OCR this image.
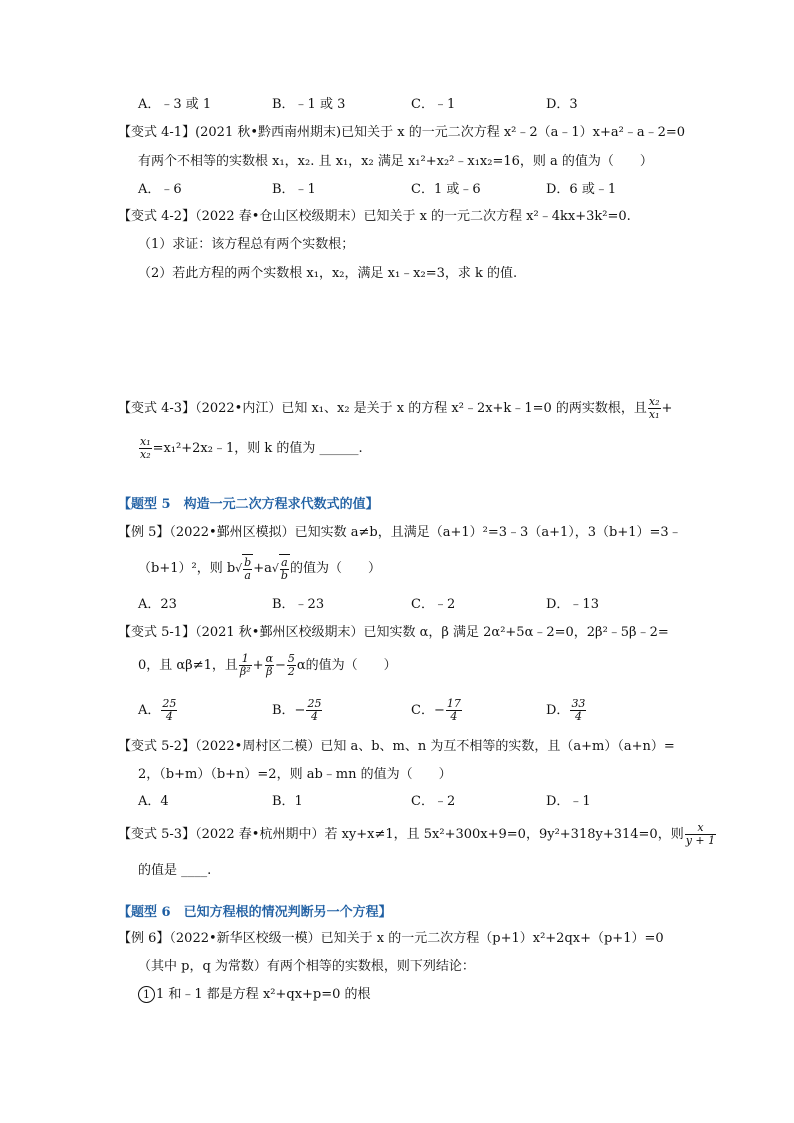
A．﹣3 或 1	B．﹣1 或 3	C．﹣1	D．3
【变式 4-1】(2021 秋•黔西南州期末)已知关于 x 的一元二次方程 x²﹣2（a﹣1）x+a²﹣a﹣2=0
有两个不相等的实数根 x₁，x₂. 且 x₁，x₂ 满足 x₁²+x₂²﹣x₁x₂=16，则 a 的值为（　　）
A．﹣6	B．﹣1	C．1 或﹣6	D．6 或﹣1
【变式 4-2】（2022 春•仓山区校级期末）已知关于 x 的一元二次方程 x²﹣4kx+3k²=0.
（1）求证：该方程总有两个实数根；
（2）若此方程的两个实数根 x₁，x₂，满足 x₁﹣x₂=3，求 k 的值.
【变式 4-3】（2022•内江）已知 x₁、x₂ 是关于 x 的方程 x²﹣2x+k﹣1=0 的两实数根，且 $\frac{\text{x₂}}{\text{x₁}}$ +
$\frac{\text{x₁}}{\text{x₂}}$ =x₁²+2x₂﹣1，则 k 的值为 ______.
【题型 5　构造一元二次方程求代数式的值】
【例 5】（2022•鄞州区模拟）已知实数 a≠b，且满足（a+1）²=3﹣3（a+1），3（b+1）=3﹣
（b+1）²，则 $b√ \frac{b}{a} +a√ \frac{a}{b}$ 的值为（　　）
A．23	B．﹣23	C．﹣2	D．﹣13
【变式 5-1】（2021 秋•鄞州区校级期末）已知实数 α，β 满足 2α²+5α﹣2=0，2β²﹣5β﹣2=
0，且 αβ≠1，且 $\frac{1}{\text{β²}} + \frac{\alpha}{\beta} - \frac{5}{2}$ α的值为（　　）
A． $\frac{25}{4}$	B．− $\frac{25}{4}$	C．− $\frac{17}{4}$	D． $\frac{33}{4}$
【变式 5-2】（2022•周村区二模）已知 a、b、m、n 为互不相等的实数，且（a+m）（a+n）=
2，（b+m）（b+n）=2，则 ab﹣mn 的值为（　　）
A．4	B．1	C．﹣2	D．﹣1
【变式 5-3】（2022 春•杭州期中）若 xy+x≠1，且 5x²+300x+9=0，9y²+318y+314=0，则 $\frac{x}{y + 1}$
的值是 ____.
【题型 6　已知方程根的情况判断另一个方程】
【例 6】（2022•新华区校级一模）已知关于 x 的一元二次方程（p+1）x²+2qx+（p+1）=0
（其中 p，q 为常数）有两个相等的实数根，则下列结论：
1 1 和﹣1 都是方程 x²+qx+p=0 的根
